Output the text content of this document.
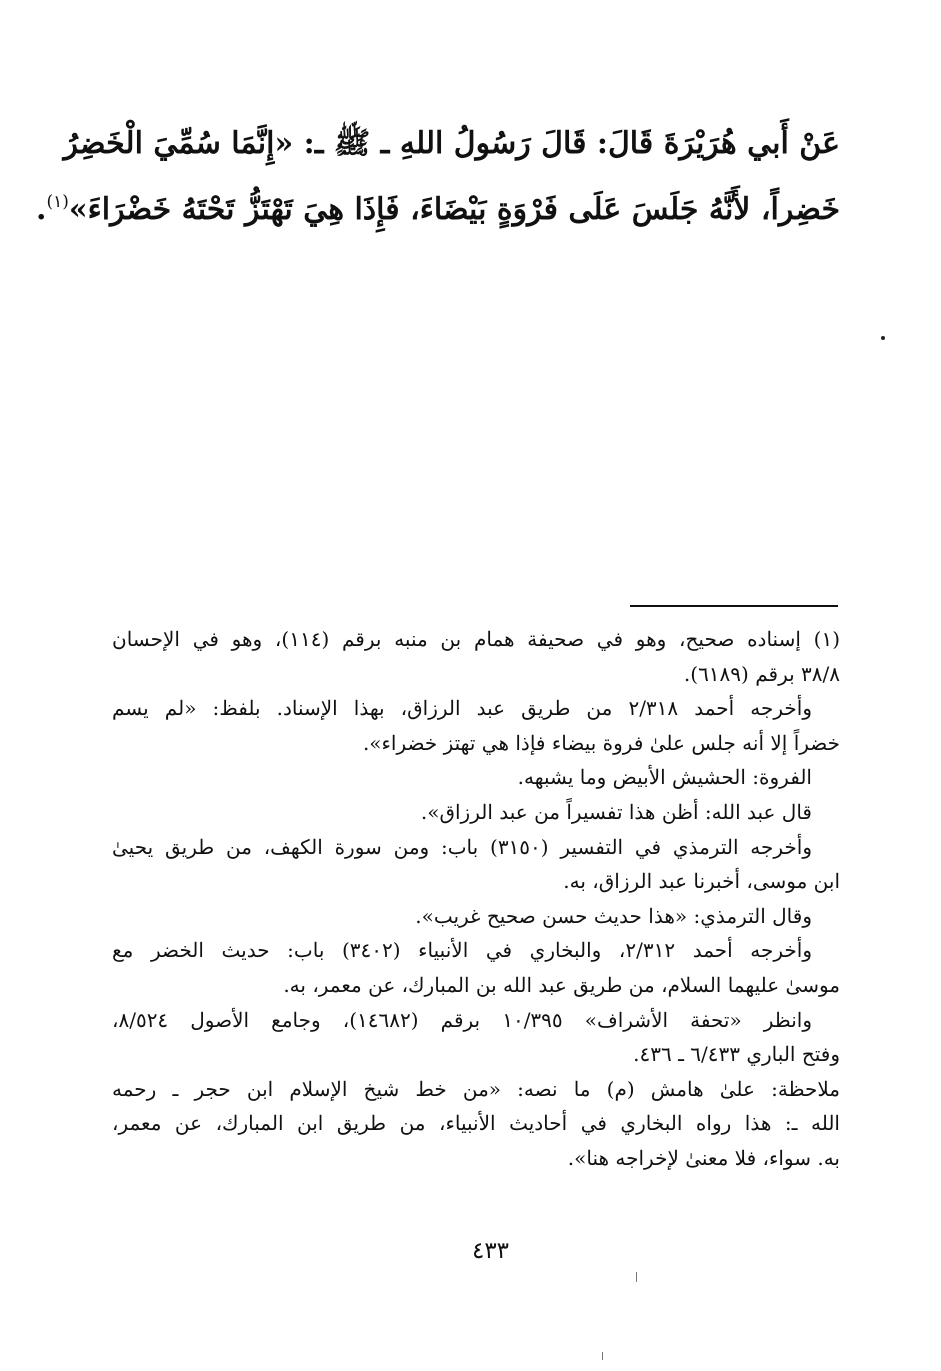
عَنْ أَبي هُرَيْرَةَ قَالَ: قَالَ رَسُولُ اللهِ ـ ﷺ ـ: «إِنَّمَا سُمِّيَ الْخَضِرُ
خَضِراً، لأَنَّهُ جَلَسَ عَلَى فَرْوَةٍ بَيْضَاءَ، فَإِذَا هِيَ تَهْتَزُّ تَحْتَهُ خَضْرَاءَ»$^{(١)}$.
(١) إسناده صحيح، وهو في صحيفة همام بن منبه برقم (١١٤)، وهو في الإحسان
٣٨/٨ برقم (٦١٨٩).
وأخرجه أحمد ٢/٣١٨ من طريق عبد الرزاق، بهذا الإسناد. بلفظ: «لم يسم
خضراً إلا أنه جلس علىٰ فروة بيضاء فإذا هي تهتز خضراء».
الفروة: الحشيش الأبيض وما يشبهه.
قال عبد الله: أظن هذا تفسيراً من عبد الرزاق».
وأخرجه الترمذي في التفسير (٣١٥٠) باب: ومن سورة الكهف، من طريق يحيىٰ
ابن موسى، أخبرنا عبد الرزاق، به.
وقال الترمذي: «هذا حديث حسن صحيح غريب».
وأخرجه أحمد ٢/٣١٢، والبخاري في الأنبياء (٣٤٠٢) باب: حديث الخضر مع
موسىٰ عليهما السلام، من طريق عبد الله بن المبارك، عن معمر، به.
وانظر «تحفة الأشراف» ١٠/٣٩٥ برقم (١٤٦٨٢)، وجامع الأصول ٨/٥٢٤،
وفتح الباري ٦/٤٣٣ ـ ٤٣٦.
ملاحظة: علىٰ هامش (م) ما نصه: «من خط شيخ الإسلام ابن حجر ـ رحمه
الله ـ: هذا رواه البخاري في أحاديث الأنبياء، من طريق ابن المبارك، عن معمر،
به. سواء، فلا معنىٰ لإخراجه هنا».
٤٣٣
